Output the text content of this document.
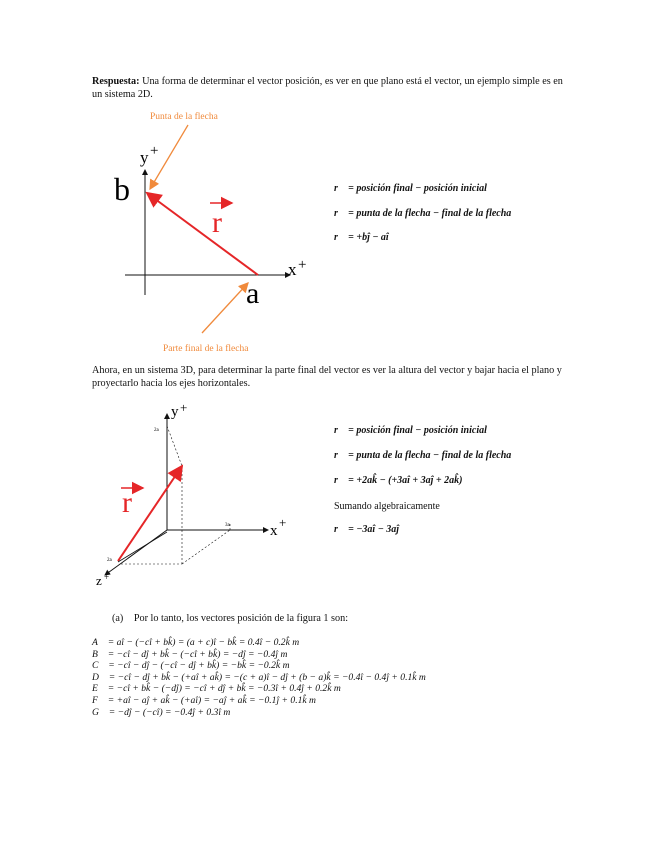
Respuesta: Una forma de determinar el vector posición, es ver en que plano está el vector, un ejemplo simple es en un sistema 2D.
y +
x +
b
a
r
Punta de la flecha
Parte final de la flecha
r⃗ = posición final − posición inicial
r⃗ = punta de la flecha − final de la flecha
r⃗ = +bĵ − aî
Ahora, en un sistema 3D, para determinar la parte final del vector es ver la altura del vector y bajar hacia el plano y proyectarlo hacia los ejes horizontales.
2a
3a
2a
y +
x
+
z +
r
r⃗ = posición final − posición inicial
r⃗ = punta de la flecha − final de la flecha
r⃗ = +2ak̂ − (+3aî + 3aĵ + 2ak̂)
Sumando algebraicamente
r⃗ = −3aî − 3aĵ
(a) Por lo tanto, los vectores posición de la figura 1 son:
A⃗ = aî − (−cî + bk̂) = (a + c)î − bk̂ = 0.4î − 0.2k̂ m
B⃗ = −cî − dĵ + bk̂ − (−cî + bk̂) = −dĵ = −0.4ĵ m
C⃗ = −cî − dĵ − (−cî − dĵ + bk̂) = −bk̂ = −0.2k̂ m
D⃗ = −cî − dĵ + bk̂ − (+aî + ak̂) = −(c + a)î − dĵ + (b − a)k̂ = −0.4î − 0.4ĵ + 0.1k̂ m
E⃗ = −cî + bk̂ − (−dĵ) = −cî + dĵ + bk̂ = −0.3î + 0.4ĵ + 0.2k̂ m
F⃗ = +aî − aĵ + ak̂ − (+aî) = −aĵ + ak̂ = −0.1ĵ + 0.1k̂ m
G⃗ = −dĵ − (−cî) = −0.4ĵ + 0.3î m
